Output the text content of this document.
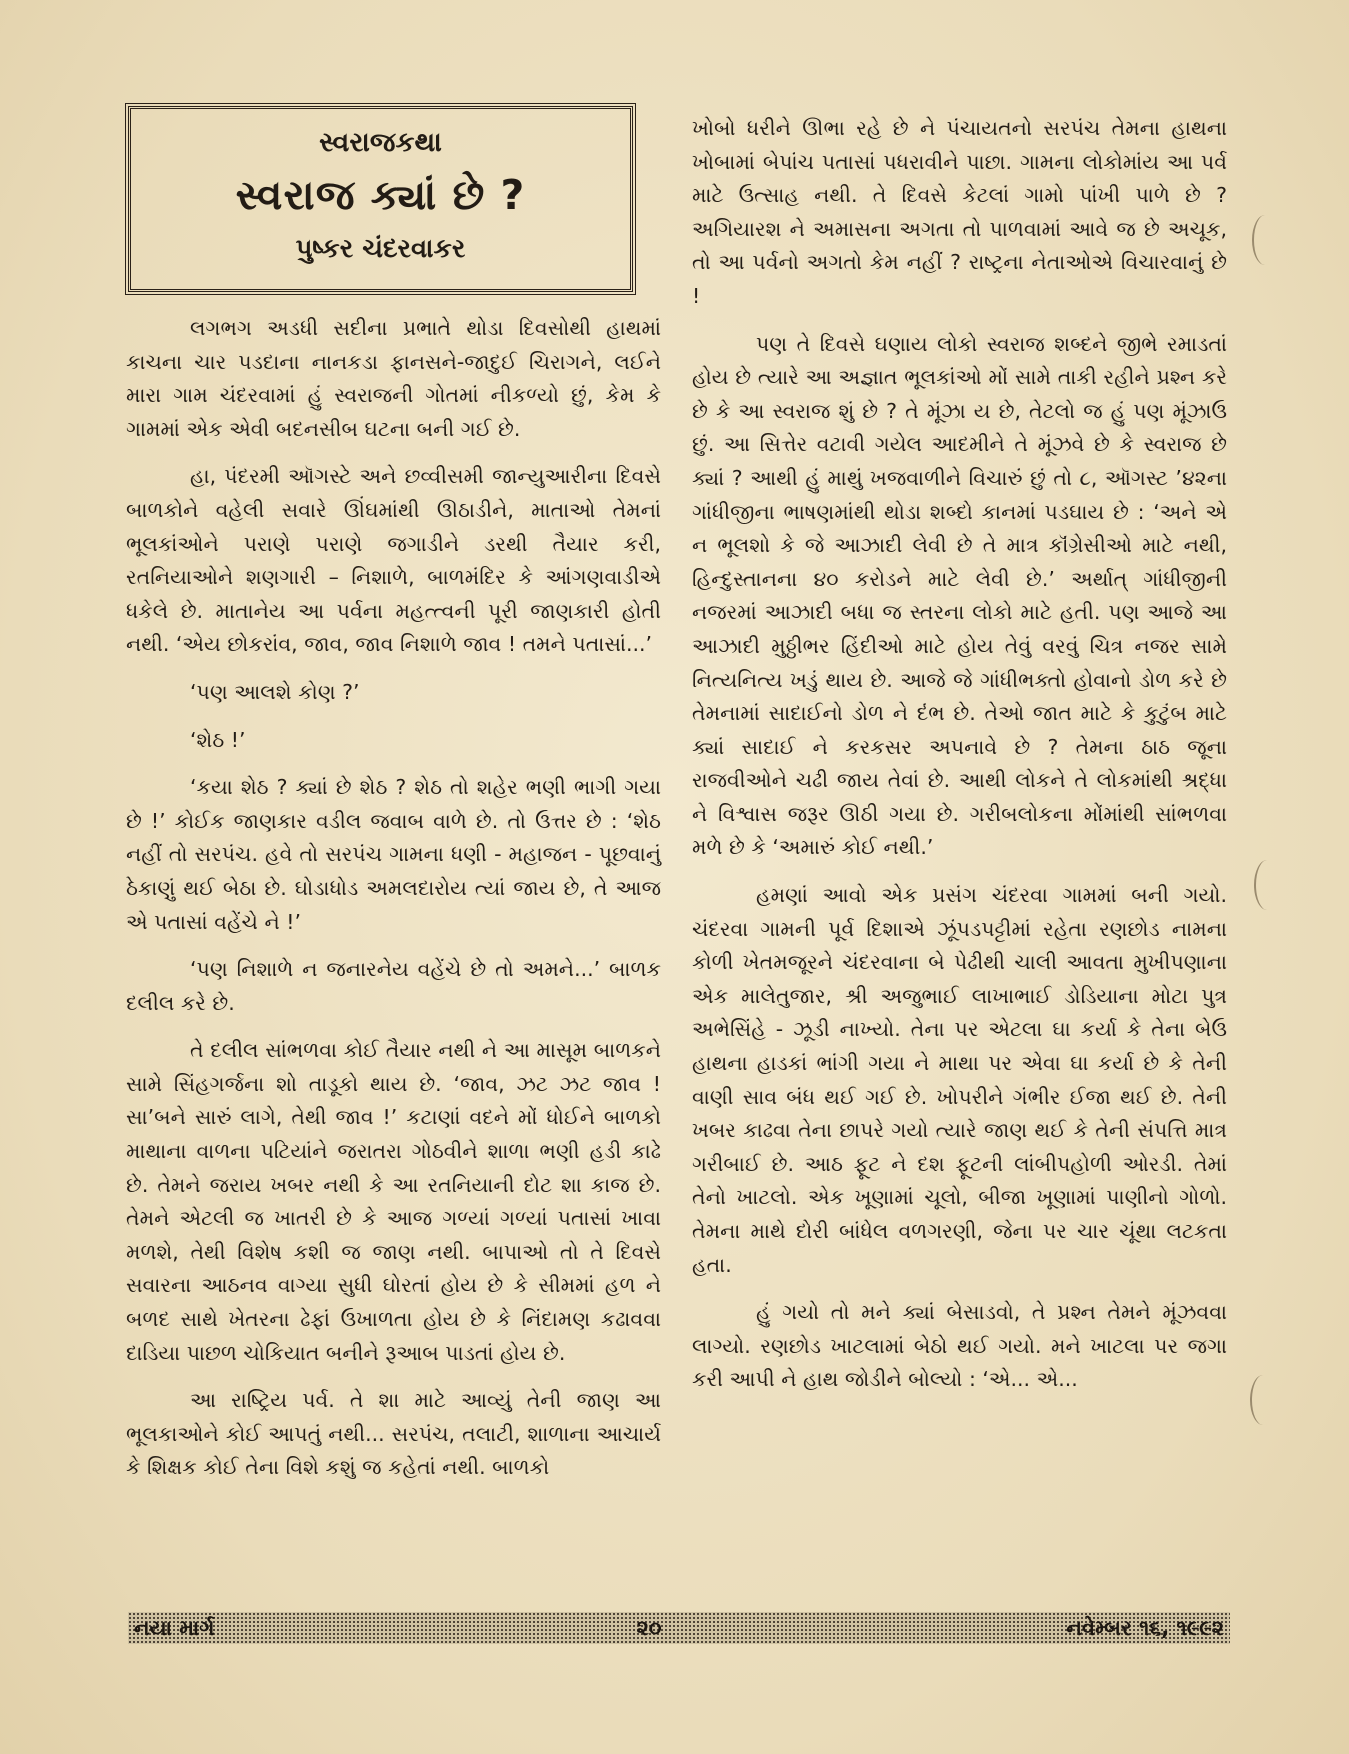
સ્વરાજકથા
સ્વરાજ ક્યાં છે ?
પુષ્કર ચંદરવાકર

લગભગ અડધી સદીના પ્રભાતે થોડા દિવસોથી હાથમાં કાચના ચાર પડદાના નાનકડા ફાનસને-જાદુઈ ચિરાગને, લઈને મારા ગામ ચંદરવામાં હું સ્વરાજની ગોતમાં નીકળ્યો છું, કેમ કે ગામમાં એક એવી બદનસીબ ઘટના બની ગઈ છે.

હા, પંદરમી ઑગસ્ટે અને છવ્વીસમી જાન્યુઆરીના દિવસે બાળકોને વહેલી સવારે ઊંઘમાંથી ઊઠાડીને, માતાઓ તેમનાં ભૂલકાંઓને પરાણે પરાણે જગાડીને ડરથી તૈયાર કરી, રતનિયાઓને શણગારી – નિશાળે, બાળમંદિર કે આંગણવાડીએ ધકેલે છે. માતાનેય આ પર્વના મહત્ત્વની પૂરી જાણકારી હોતી નથી. ‘એય છોકરાંવ, જાવ, જાવ નિશાળે જાવ ! તમને પતાસાં...’

‘પણ આલશે કોણ ?’

‘શેઠ !’

‘કયા શેઠ ? ક્યાં છે શેઠ ? શેઠ તો શહેર ભણી ભાગી ગયા છે !’ કોઈક જાણકાર વડીલ જવાબ વાળે છે. તો ઉત્તર છે : ‘શેઠ નહીં તો સરપંચ. હવે તો સરપંચ ગામના ધણી - મહાજન - પૂછવાનું ઠેકાણું થઈ બેઠા છે. ઘોડાધોડ અમલદારોય ત્યાં જાય છે, તે આજ એ પતાસાં વહેંચે ને !’

‘પણ નિશાળે ન જનારનેય વહેંચે છે તો અમને...’ બાળક દલીલ કરે છે.

તે દલીલ સાંભળવા કોઈ તૈયાર નથી ને આ માસૂમ બાળકને સામે સિંહગર્જના શો તાડૂકો થાય છે. ‘જાવ, ઝટ ઝટ જાવ ! સા’બને સારું લાગે, તેથી જાવ !’ કટાણાં વદને મોં ધોઈને બાળકો માથાના વાળના પટિયાંને જરાતરા ગોઠવીને શાળા ભણી હડી કાઢે છે. તેમને જરાય ખબર નથી કે આ રતનિયાની દોટ શા કાજ છે. તેમને એટલી જ ખાતરી છે કે આજ ગળ્યાં ગળ્યાં પતાસાં ખાવા મળશે, તેથી વિશેષ કશી જ જાણ નથી. બાપાઓ તો તે દિવસે સવારના આઠનવ વાગ્યા સુધી ઘોરતાં હોય છે કે સીમમાં હળ ને બળદ સાથે ખેતરના ઢેફાં ઉખાળતા હોય છે કે નિંદામણ કઢાવવા દાડિયા પાછળ ચોકિયાત બનીને રૂઆબ પાડતાં હોય છે.

આ રાષ્ટ્રિય પર્વ. તે શા માટે આવ્યું તેની જાણ આ ભૂલકાઓને કોઈ આપતું નથી... સરપંચ, તલાટી, શાળાના આચાર્ય કે શિક્ષક કોઈ તેના વિશે કશું જ કહેતાં નથી. બાળકો

ખોબો ધરીને ઊભા રહે છે ને પંચાયતનો સરપંચ તેમના હાથના ખોબામાં બેપાંચ પતાસાં પધરાવીને પાછા. ગામના લોકોમાંય આ પર્વ માટે ઉત્સાહ નથી. તે દિવસે કેટલાં ગામો પાંખી પાળે છે ? અગિયારશ ને અમાસના અગતા તો પાળવામાં આવે જ છે અચૂક, તો આ પર્વનો અગતો કેમ નહીં ? રાષ્ટ્રના નેતાઓએ વિચારવાનું છે !

પણ તે દિવસે ઘણાય લોકો સ્વરાજ શબ્દને જીભે રમાડતાં હોય છે ત્યારે આ અજ્ઞાત ભૂલકાંઓ મોં સામે તાકી રહીને પ્રશ્ન કરે છે કે આ સ્વરાજ શું છે ? તે મૂંઝા ય છે, તેટલો જ હું પણ મૂંઝાઉ છું. આ સિત્તેર વટાવી ગયેલ આદમીને તે મૂંઝવે છે કે સ્વરાજ છે ક્યાં ? આથી હું માથું ખજવાળીને વિચારું છું તો ૮, ઑગસ્ટ ’૪૨ના ગાંધીજીના ભાષણમાંથી થોડા શબ્દો કાનમાં પડઘાય છે : ‘અને એ ન ભૂલશો કે જે આઝાદી લેવી છે તે માત્ર કૉંગ્રેસીઓ માટે નથી, હિન્દુસ્તાનના ૪૦ કરોડને માટે લેવી છે.’ અર્થાત્ ગાંધીજીની નજરમાં આઝાદી બધા જ સ્તરના લોકો માટે હતી. પણ આજે આ આઝાદી મુઠ્ઠીભર હિંદીઓ માટે હોય તેવું વરવું ચિત્ર નજર સામે નિત્યનિત્ય ખડું થાય છે. આજે જે ગાંધીભક્તો હોવાનો ડોળ કરે છે તેમનામાં સાદાઈનો ડોળ ને દંભ છે. તેઓ જાત માટે કે કુટુંબ માટે ક્યાં સાદાઈ ને કરકસર અપનાવે છે ? તેમના ઠાઠ જૂના રાજવીઓને ચઢી જાય તેવાં છે. આથી લોકને તે લોકમાંથી શ્રદ્ધા ને વિશ્વાસ જરૂર ઊઠી ગયા છે. ગરીબલોકના મોંમાંથી સાંભળવા મળે છે કે ‘અમારું કોઈ નથી.’

હમણાં આવો એક પ્રસંગ ચંદરવા ગામમાં બની ગયો. ચંદરવા ગામની પૂર્વ દિશાએ ઝૂંપડપટ્ટીમાં રહેતા રણછોડ નામના કોળી ખેતમજૂરને ચંદરવાના બે પેઢીથી ચાલી આવતા મુખીપણાના એક માલેતુજાર, શ્રી અજુભાઈ લાખાભાઈ ડોડિયાના મોટા પુત્ર અભેસિંહે - ઝૂડી નાખ્યો. તેના પર એટલા ઘા કર્યા કે તેના બેઉ હાથના હાડકાં ભાંગી ગયા ને માથા પર એવા ઘા કર્યા છે કે તેની વાણી સાવ બંધ થઈ ગઈ છે. ખોપરીને ગંભીર ઈજા થઈ છે. તેની ખબર કાઢવા તેના છાપરે ગયો ત્યારે જાણ થઈ કે તેની સંપત્તિ માત્ર ગરીબાઈ છે. આઠ ફૂટ ને દશ ફૂટની લાંબીપહોળી ઓરડી. તેમાં તેનો ખાટલો. એક ખૂણામાં ચૂલો, બીજા ખૂણામાં પાણીનો ગોળો. તેમના માથે દોરી બાંધેલ વળગરણી, જેના પર ચાર ચૂંથા લટકતા હતા.

હું ગયો તો મને ક્યાં બેસાડવો, તે પ્રશ્ન તેમને મૂંઝવવા લાગ્યો. રણછોડ ખાટલામાં બેઠો થઈ ગયો. મને ખાટલા પર જગા કરી આપી ને હાથ જોડીને બોલ્યો : ‘એ... એ...

નયા માર્ગ	૨૦	નવેમ્બર ૧૬, ૧૯૯૨
